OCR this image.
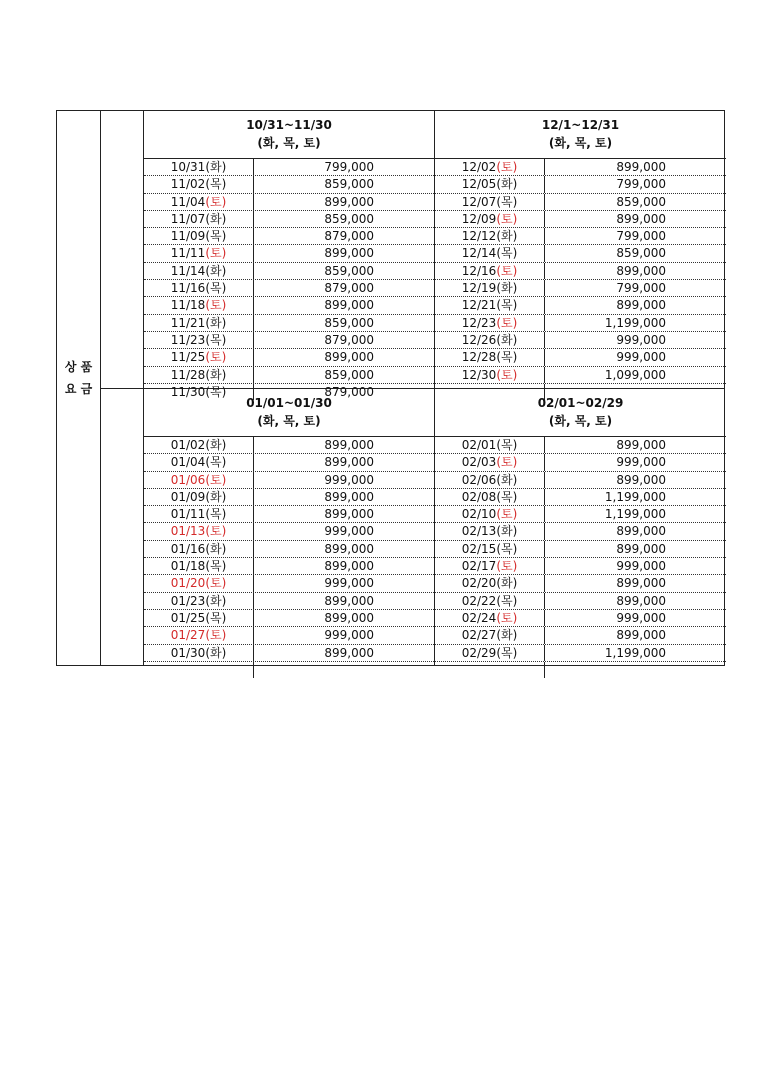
상 품
요 금
10/31~11/30
(화, 목, 토)
10/31(화)	799,000
11/02(목)	859,000
11/04(토)	899,000
11/07(화)	859,000
11/09(목)	879,000
11/11(토)	899,000
11/14(화)	859,000
11/16(목)	879,000
11/18(토)	899,000
11/21(화)	859,000
11/23(목)	879,000
11/25(토)	899,000
11/28(화)	859,000
11/30(목)	879,000
12/1~12/31
(화, 목, 토)
12/02(토)	899,000
12/05(화)	799,000
12/07(목)	859,000
12/09(토)	899,000
12/12(화)	799,000
12/14(목)	859,000
12/16(토)	899,000
12/19(화)	799,000
12/21(목)	899,000
12/23(토)	1,199,000
12/26(화)	999,000
12/28(목)	999,000
12/30(토)	1,099,000
01/01~01/30
(화, 목, 토)
01/02(화)	899,000
01/04(목)	899,000
01/06(토)	999,000
01/09(화)	899,000
01/11(목)	899,000
01/13(토)	999,000
01/16(화)	899,000
01/18(목)	899,000
01/20(토)	999,000
01/23(화)	899,000
01/25(목)	899,000
01/27(토)	999,000
01/30(화)	899,000
02/01~02/29
(화, 목, 토)
02/01(목)	899,000
02/03(토)	999,000
02/06(화)	899,000
02/08(목)	1,199,000
02/10(토)	1,199,000
02/13(화)	899,000
02/15(목)	899,000
02/17(토)	999,000
02/20(화)	899,000
02/22(목)	899,000
02/24(토)	999,000
02/27(화)	899,000
02/29(목)	1,199,000
